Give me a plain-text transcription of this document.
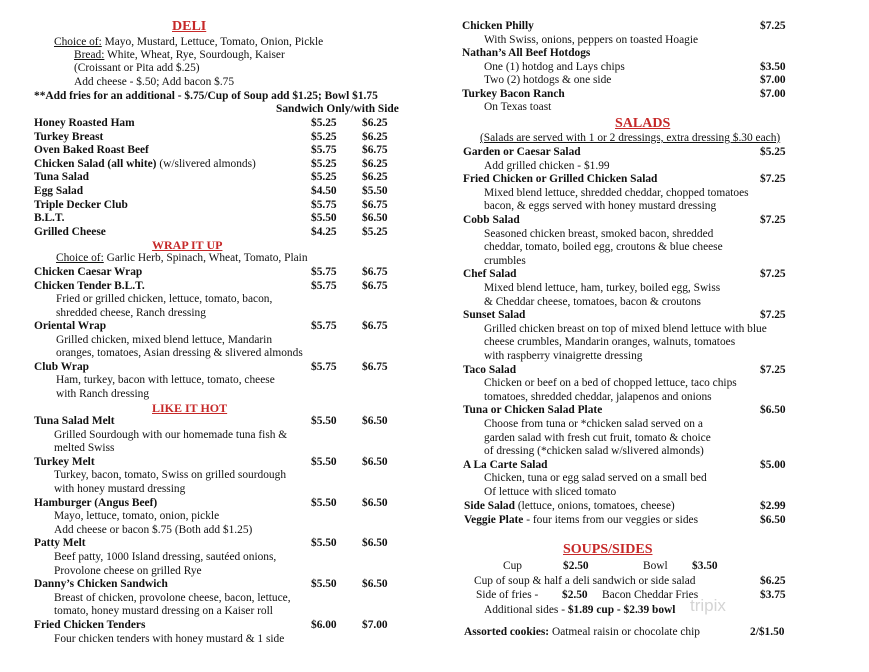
DELI
Choice of: Mayo, Mustard, Lettuce, Tomato, Onion, Pickle
Bread: White, Wheat, Rye, Sourdough, Kaiser
(Croissant or Pita add $.25)
Add cheese - $.50; Add bacon $.75
**Add fries for an additional - $.75/Cup of Soup add $1.25; Bowl $1.75
Sandwich Only/with Side
Honey Roasted Ham	$5.25 $6.25
Turkey Breast	$5.25 $6.25
Oven Baked Roast Beef	$5.75 $6.75
Chicken Salad (all white) (w/slivered almonds)	$5.25 $6.25
Tuna Salad	$5.25 $6.25
Egg Salad	$4.50 $5.50
Triple Decker Club	$5.75 $6.75
B.L.T.	$5.50 $6.50
Grilled Cheese	$4.25 $5.25
WRAP IT UP
Choice of: Garlic Herb, Spinach, Wheat, Tomato, Plain
Chicken Caesar Wrap	$5.75 $6.75
Chicken Tender B.L.T.	$5.75 $6.75
Fried or grilled chicken, lettuce, tomato, bacon,
shredded cheese, Ranch dressing
Oriental Wrap	$5.75 $6.75
Grilled chicken, mixed blend lettuce, Mandarin
oranges, tomatoes, Asian dressing & slivered almonds
Club Wrap	$5.75 $6.75
Ham, turkey, bacon with lettuce, tomato, cheese
with Ranch dressing
LIKE IT HOT
Tuna Salad Melt	$5.50 $6.50
Grilled Sourdough with our homemade tuna fish &
melted Swiss
Turkey Melt	$5.50 $6.50
Turkey, bacon, tomato, Swiss on grilled sourdough
with honey mustard dressing
Hamburger (Angus Beef)	$5.50 $6.50
Mayo, lettuce, tomato, onion, pickle
Add cheese or bacon $.75 (Both add $1.25)
Patty Melt	$5.50 $6.50
Beef patty, 1000 Island dressing, sautéed onions,
Provolone cheese on grilled Rye
Danny’s Chicken Sandwich	$5.50 $6.50
Breast of chicken, provolone cheese, bacon, lettuce,
tomato, honey mustard dressing on a Kaiser roll
Fried Chicken Tenders	$6.00 $7.00
Four chicken tenders with honey mustard & 1 side
Chicken Philly	$7.25
With Swiss, onions, peppers on toasted Hoagie
Nathan’s All Beef Hotdogs
One (1) hotdog and Lays chips	$3.50
Two (2) hotdogs & one side	$7.00
Turkey Bacon Ranch	$7.00
On Texas toast
SALADS
(Salads are served with 1 or 2 dressings, extra dressing $.30 each)
Garden or Caesar Salad	$5.25
Add grilled chicken - $1.99
Fried Chicken or Grilled Chicken Salad	$7.25
Mixed blend lettuce, shredded cheddar, chopped tomatoes
bacon, & eggs served with honey mustard dressing
Cobb Salad	$7.25
Seasoned chicken breast, smoked bacon, shredded
cheddar, tomato, boiled egg, croutons & blue cheese
crumbles
Chef Salad	$7.25
Mixed blend lettuce, ham, turkey, boiled egg, Swiss
& Cheddar cheese, tomatoes, bacon & croutons
Sunset Salad	$7.25
Grilled chicken breast on top of mixed blend lettuce with blue
cheese crumbles, Mandarin oranges, walnuts, tomatoes
with raspberry vinaigrette dressing
Taco Salad	$7.25
Chicken or beef on a bed of chopped lettuce, taco chips
tomatoes, shredded cheddar, jalapenos and onions
Tuna or Chicken Salad Plate	$6.50
Choose from tuna or *chicken salad served on a
garden salad with fresh cut fruit, tomato & choice
of dressing (*chicken salad w/slivered almonds)
A La Carte Salad	$5.00
Chicken, tuna or egg salad served on a small bed
Of lettuce with sliced tomato
Side Salad (lettuce, onions, tomatoes, cheese)	$2.99
Veggie Plate - four items from our veggies or sides	$6.50
SOUPS/SIDES
Cup	$2.50	Bowl $3.50
Cup of soup & half a deli sandwich or side salad	$6.25
Side of fries - $2.50 Bacon Cheddar Fries	$3.75
Additional sides - $1.89 cup - $2.39 bowl
Assorted cookies: Oatmeal raisin or chocolate chip	2/$1.50
tripix
